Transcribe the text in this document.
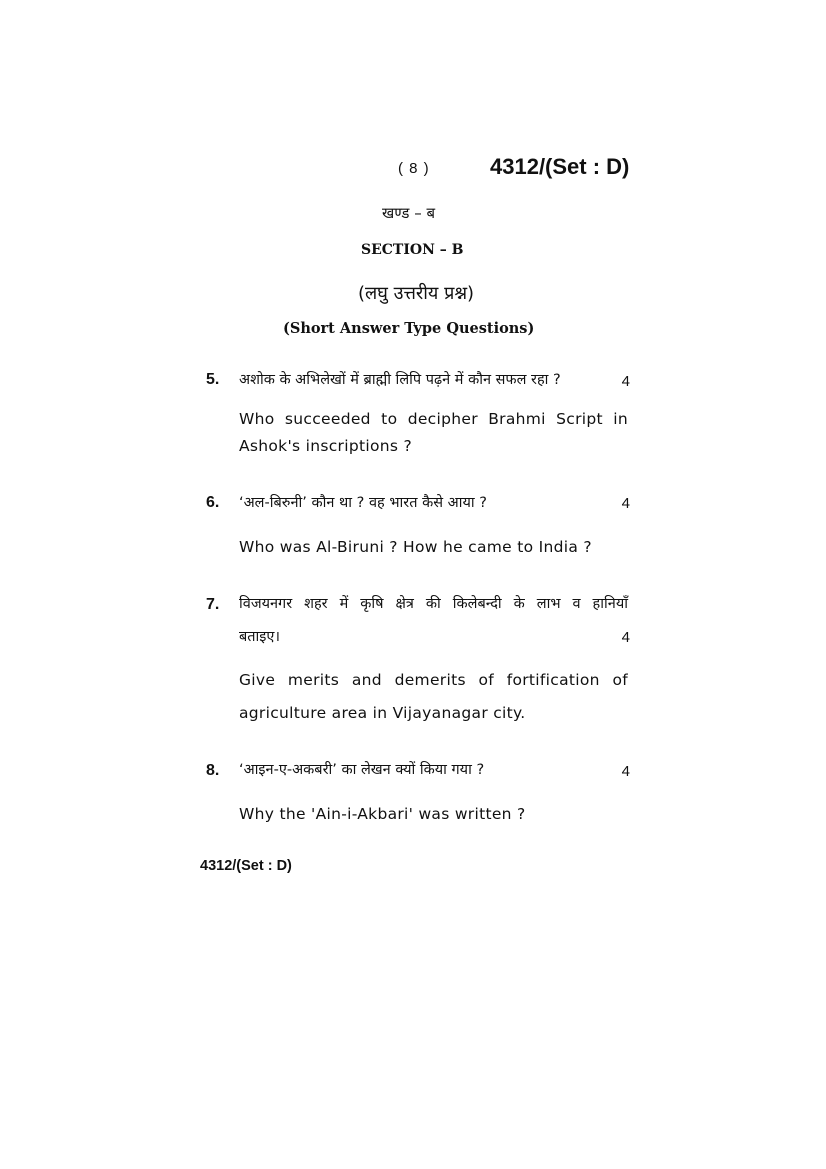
( 8 )	4312/(Set : D)
खण्ड – ब
SECTION – B
(लघु उत्तरीय प्रश्न)
(Short Answer Type Questions)
5. अशोक के अभिलेखों में ब्राह्मी लिपि पढ़ने में कौन सफल रहा ?	4
Who succeeded to decipher Brahmi Script in
Ashok's inscriptions ?
6. ‘अल-बिरुनी’ कौन था ? वह भारत कैसे आया ?	4
Who was Al-Biruni ? How he came to India ?
7. विजयनगर शहर में कृषि क्षेत्र की किलेबन्दी के लाभ व हानियाँ
बताइए।	4
Give merits and demerits of fortification of
agriculture area in Vijayanagar city.
8. ‘आइन-ए-अकबरी’ का लेखन क्यों किया गया ?	4
Why the 'Ain-i-Akbari' was written ?
4312/(Set : D)
